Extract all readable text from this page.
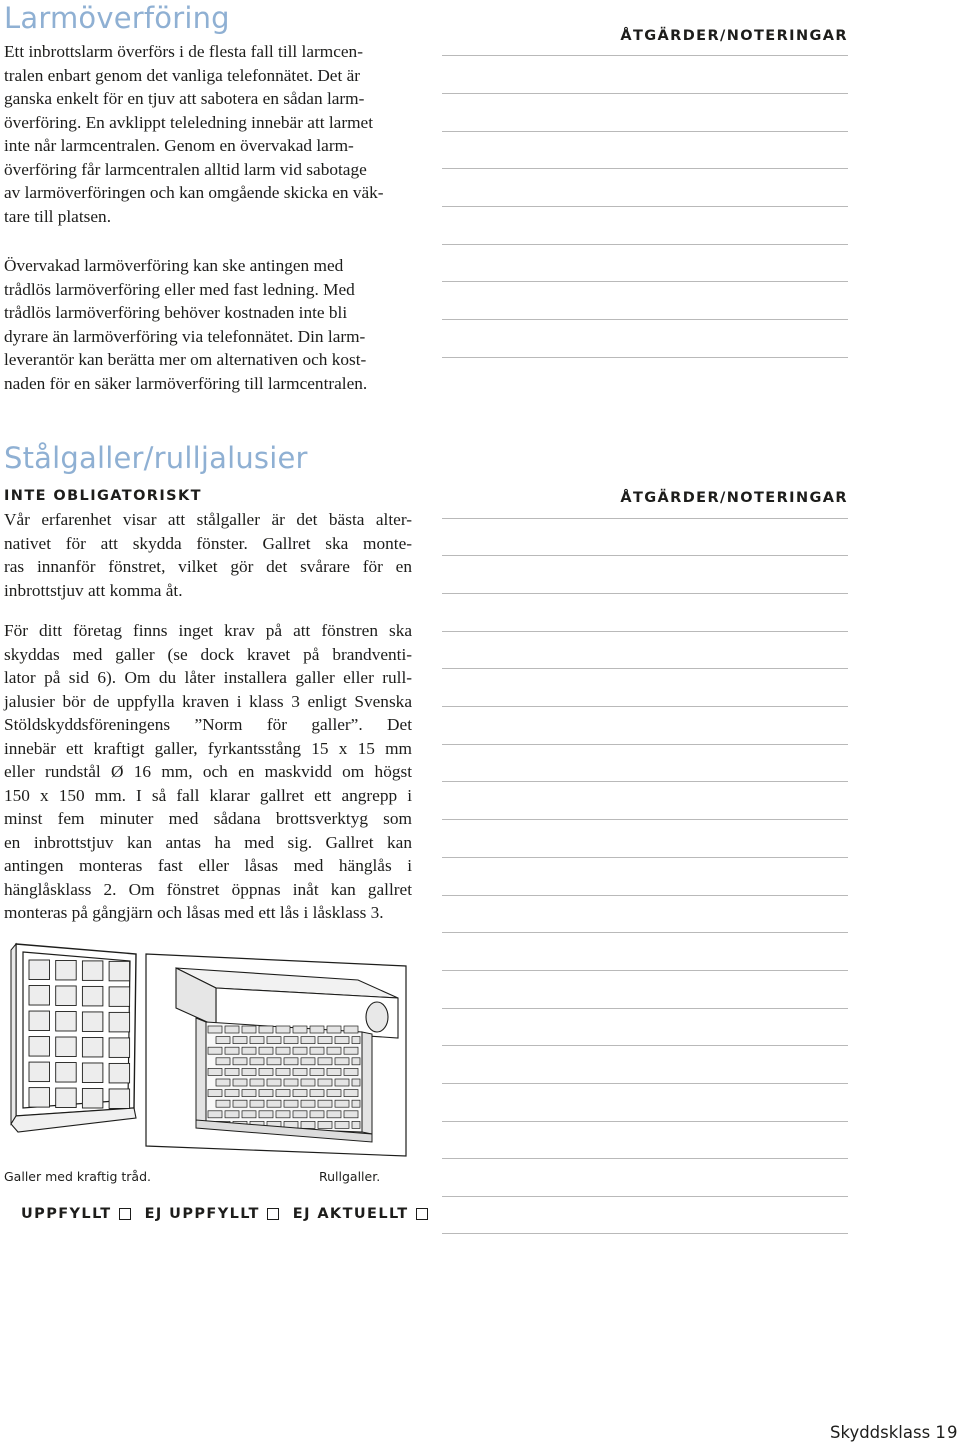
Larmöverföring
Ett inbrottslarm överförs i de flesta fall till larmcen-
tralen enbart genom det vanliga telefonnätet. Det är
ganska enkelt för en tjuv att sabotera en sådan larm-
överföring. En avklippt teleledning innebär att larmet
inte når larmcentralen. Genom en övervakad larm-
överföring får larmcentralen alltid larm vid sabotage
av larmöverföringen och kan omgående skicka en väk-
tare till platsen.
Övervakad larmöverföring kan ske antingen med
trådlös larmöverföring eller med fast ledning. Med
trådlös larmöverföring behöver kostnaden inte bli
dyrare än larmöverföring via telefonnätet. Din larm-
leverantör kan berätta mer om alternativen och kost-
naden för en säker larmöverföring till larmcentralen.
ÅTGÄRDER/NOTERINGAR
Stålgaller/rulljalusier
INTE OBLIGATORISKT
Vår erfarenhet visar att stålgaller är det bästa alter-
nativet för att skydda fönster. Gallret ska monte-
ras innanför fönstret, vilket gör det svårare för en
inbrottstjuv att komma åt.
För ditt företag finns inget krav på att fönstren ska
skyddas med galler (se dock kravet på brandventi-
lator på sid 6). Om du låter installera galler eller rull-
jalusier bör de uppfylla kraven i klass 3 enligt Svenska
Stöldskyddsföreningens ”Norm för galler”. Det
innebär ett kraftigt galler, fyrkantsstång 15 x 15 mm
eller rundstål Ø 16 mm, och en maskvidd om högst
150 x 150 mm. I så fall klarar gallret ett angrepp i
minst fem minuter med sådana brottsverktyg som
en inbrottstjuv kan antas ha med sig. Gallret kan
antingen monteras fast eller låsas med hänglås i
hänglåsklass 2. Om fönstret öppnas inåt kan gallret
monteras på gångjärn och låsas med ett lås i låsklass 3.
ÅTGÄRDER/NOTERINGAR
Galler med kraftig tråd.	Rullgaller.
UPPFYLLT EJ UPPFYLLT EJ AKTUELLT
Skyddsklass 1 9
